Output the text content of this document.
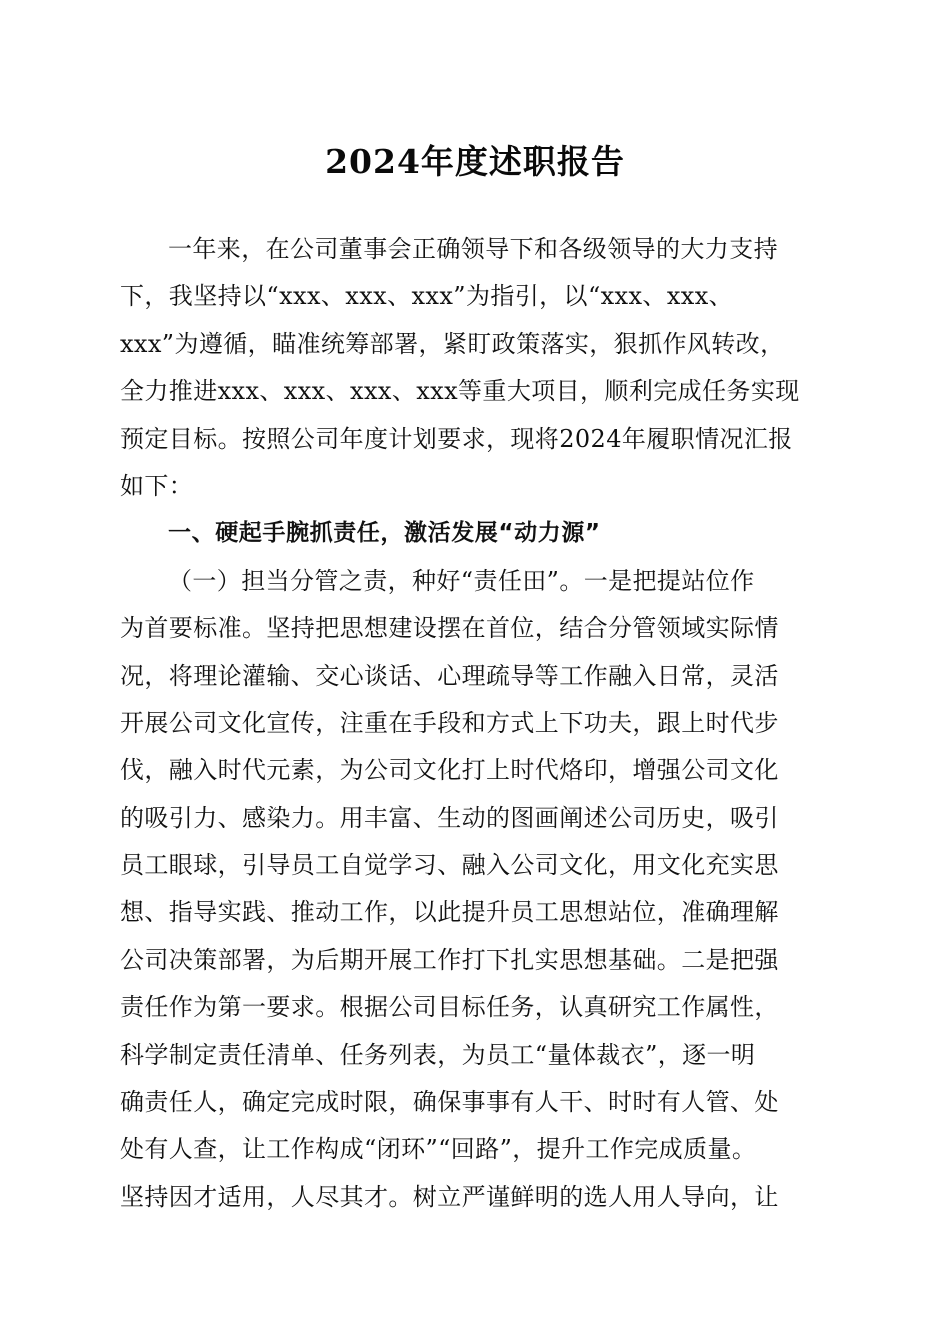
2024年度述职报告
一年来，在公司董事会正确领导下和各级领导的大力支持
下，我坚持以“xxx、xxx、xxx”为指引，以“xxx、xxx、
xxx”为遵循，瞄准统筹部署，紧盯政策落实，狠抓作风转改，
全力推进xxx、xxx、xxx、xxx等重大项目，顺利完成任务实现
预定目标。按照公司年度计划要求，现将2024年履职情况汇报
如下：
一、硬起手腕抓责任，激活发展“动力源”
（一）担当分管之责，种好“责任田”。一是把提站位作
为首要标准。坚持把思想建设摆在首位，结合分管领域实际情
况，将理论灌输、交心谈话、心理疏导等工作融入日常，灵活
开展公司文化宣传，注重在手段和方式上下功夫，跟上时代步
伐，融入时代元素，为公司文化打上时代烙印，增强公司文化
的吸引力、感染力。用丰富、生动的图画阐述公司历史，吸引
员工眼球，引导员工自觉学习、融入公司文化，用文化充实思
想、指导实践、推动工作，以此提升员工思想站位，准确理解
公司决策部署，为后期开展工作打下扎实思想基础。二是把强
责任作为第一要求。根据公司目标任务，认真研究工作属性，
科学制定责任清单、任务列表，为员工“量体裁衣”，逐一明
确责任人，确定完成时限，确保事事有人干、时时有人管、处
处有人查，让工作构成“闭环”“回路”，提升工作完成质量。
坚持因才适用，人尽其才。树立严谨鲜明的选人用人导向，让
